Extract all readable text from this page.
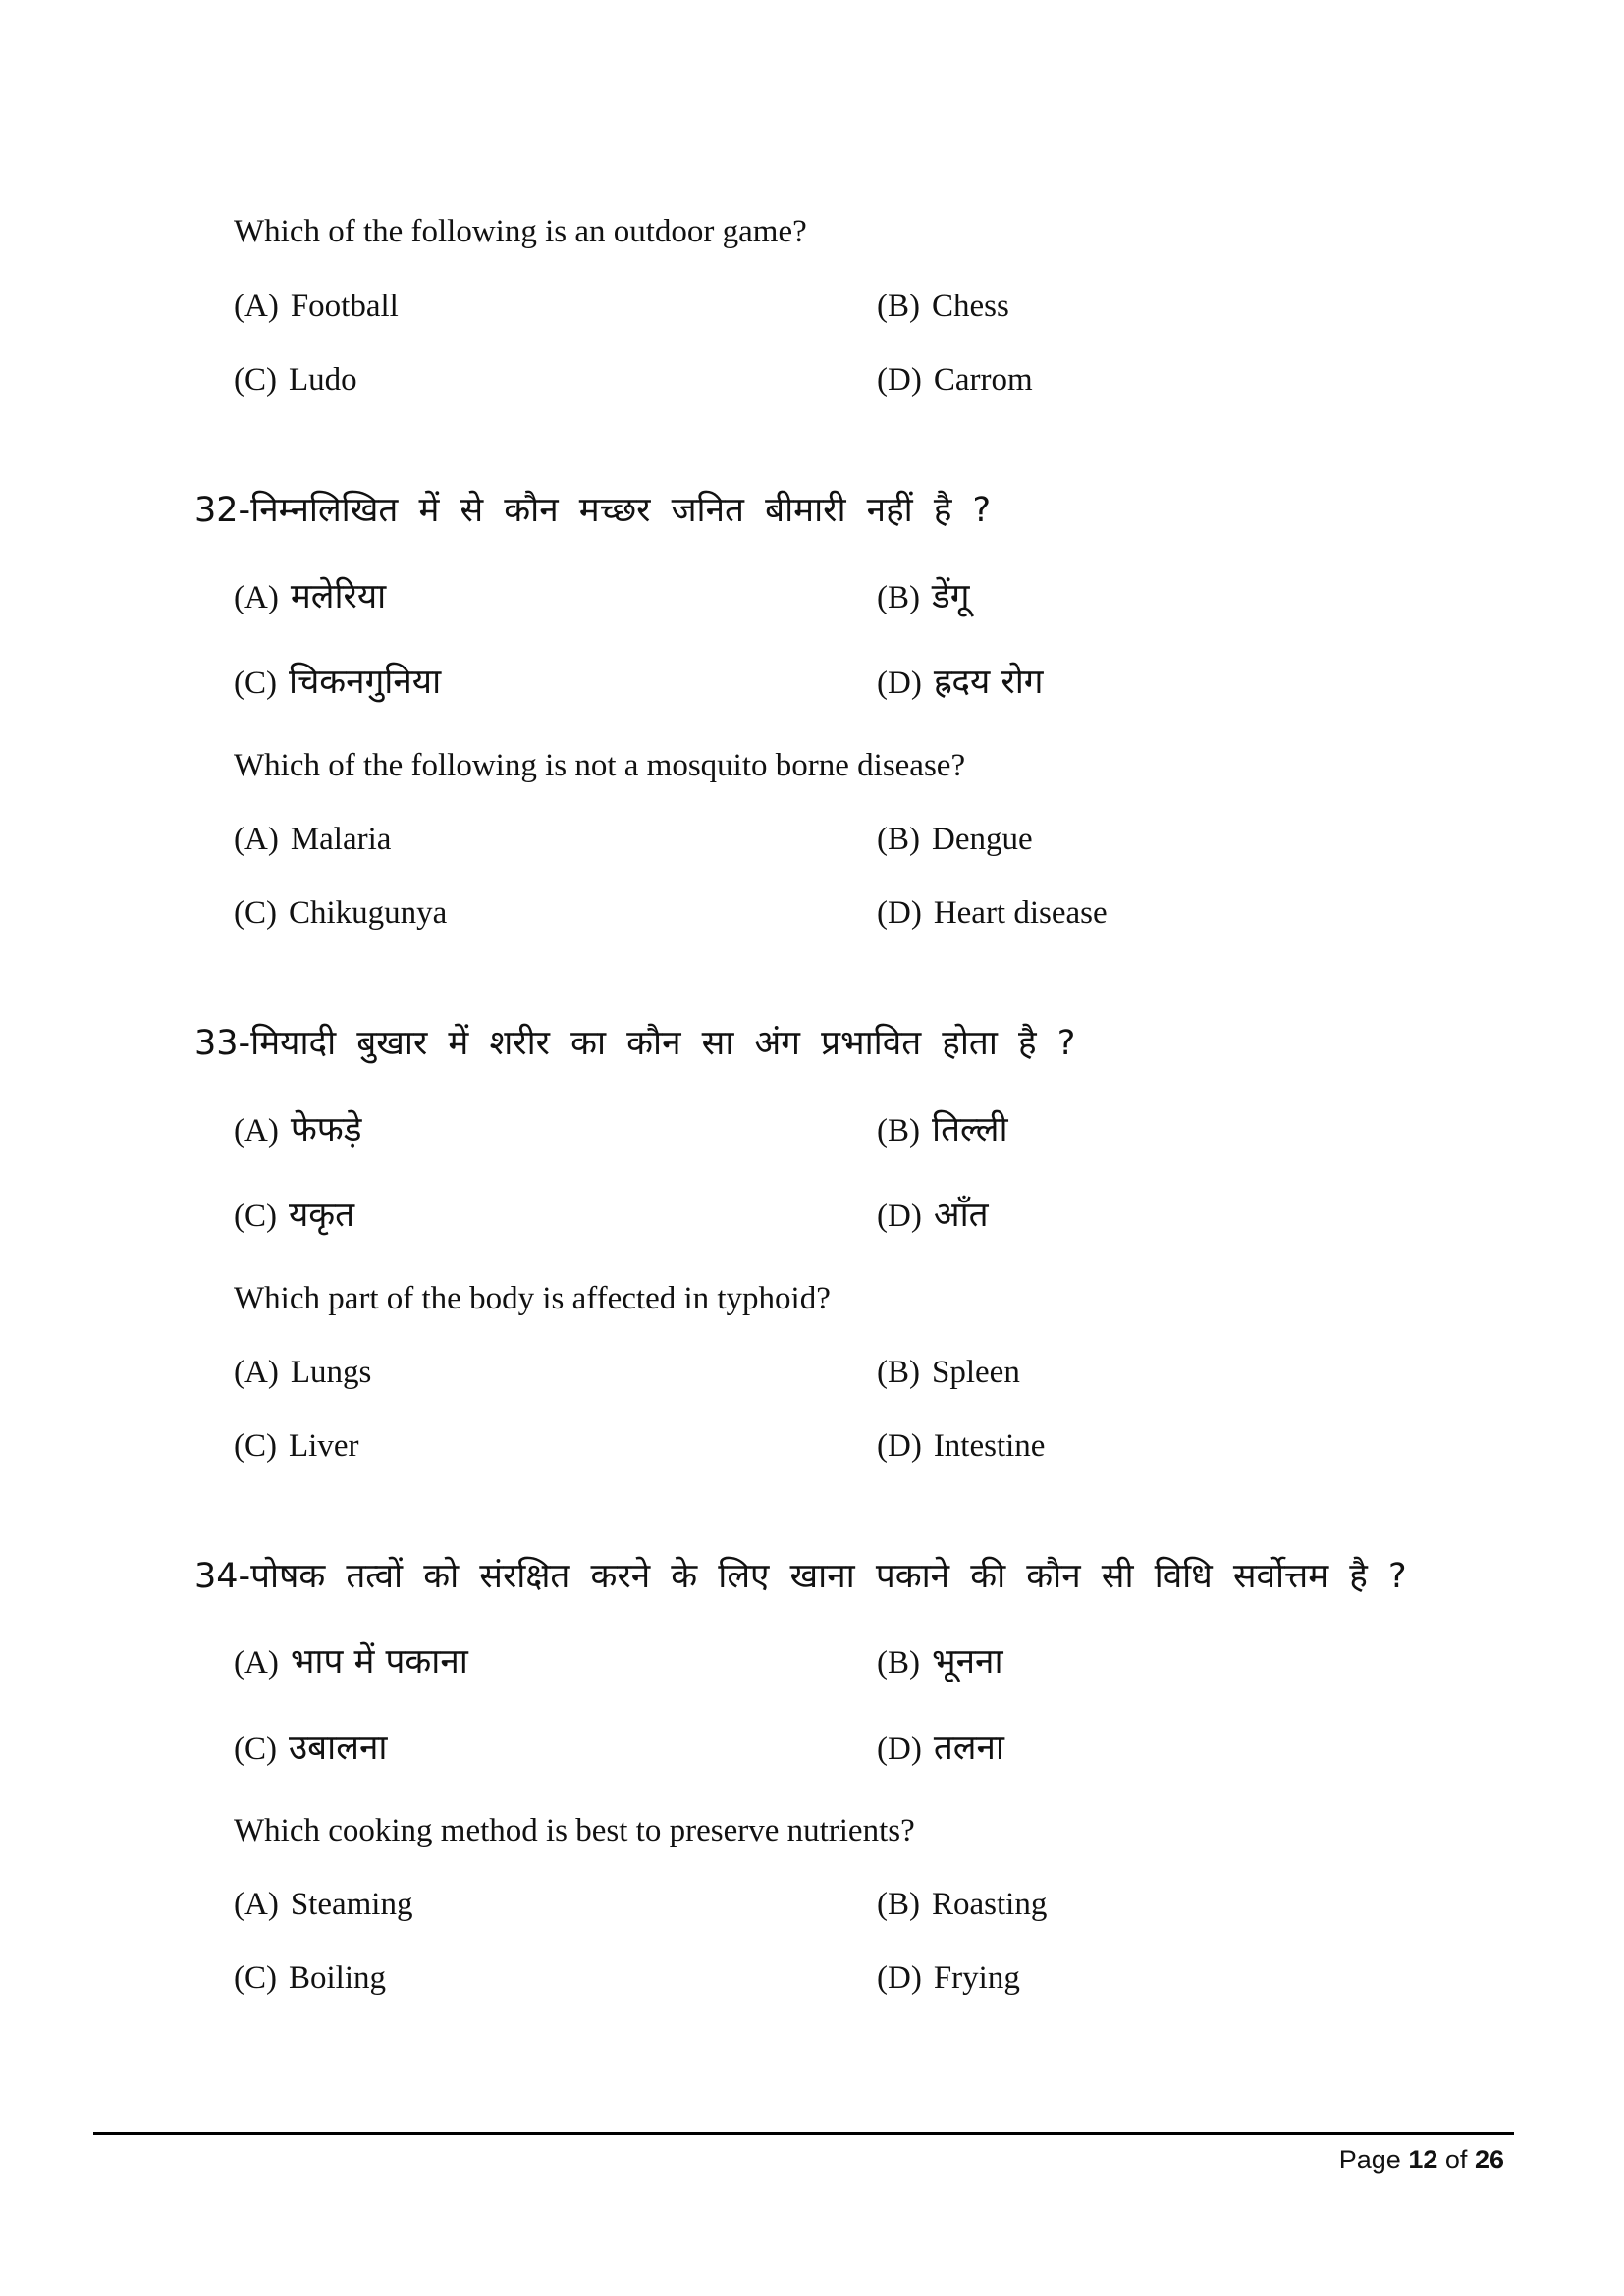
Which of the following is an outdoor game?
(A) Football	(B) Chess
(C) Ludo	(D) Carrom
32-निम्नलिखित में से कौन मच्छर जनित बीमारी नहीं है ?
(A) मलेरिया	(B) डेंगू
(C) चिकनगुनिया	(D) ह्रदय रोग
Which of the following is not a mosquito borne disease?
(A) Malaria	(B) Dengue
(C) Chikugunya	(D) Heart disease
33-मियादी बुखार में शरीर का कौन सा अंग प्रभावित होता है ?
(A) फेफड़े	(B) तिल्ली
(C) यकृत	(D) आँत
Which part of the body is affected in typhoid?
(A) Lungs	(B) Spleen
(C) Liver	(D) Intestine
34-पोषक तत्वों को संरक्षित करने के लिए खाना पकाने की कौन सी विधि सर्वोत्तम है ?
(A) भाप में पकाना	(B) भूनना
(C) उबालना	(D) तलना
Which cooking method is best to preserve nutrients?
(A) Steaming	(B) Roasting
(C) Boiling	(D) Frying
Page 12 of 26
